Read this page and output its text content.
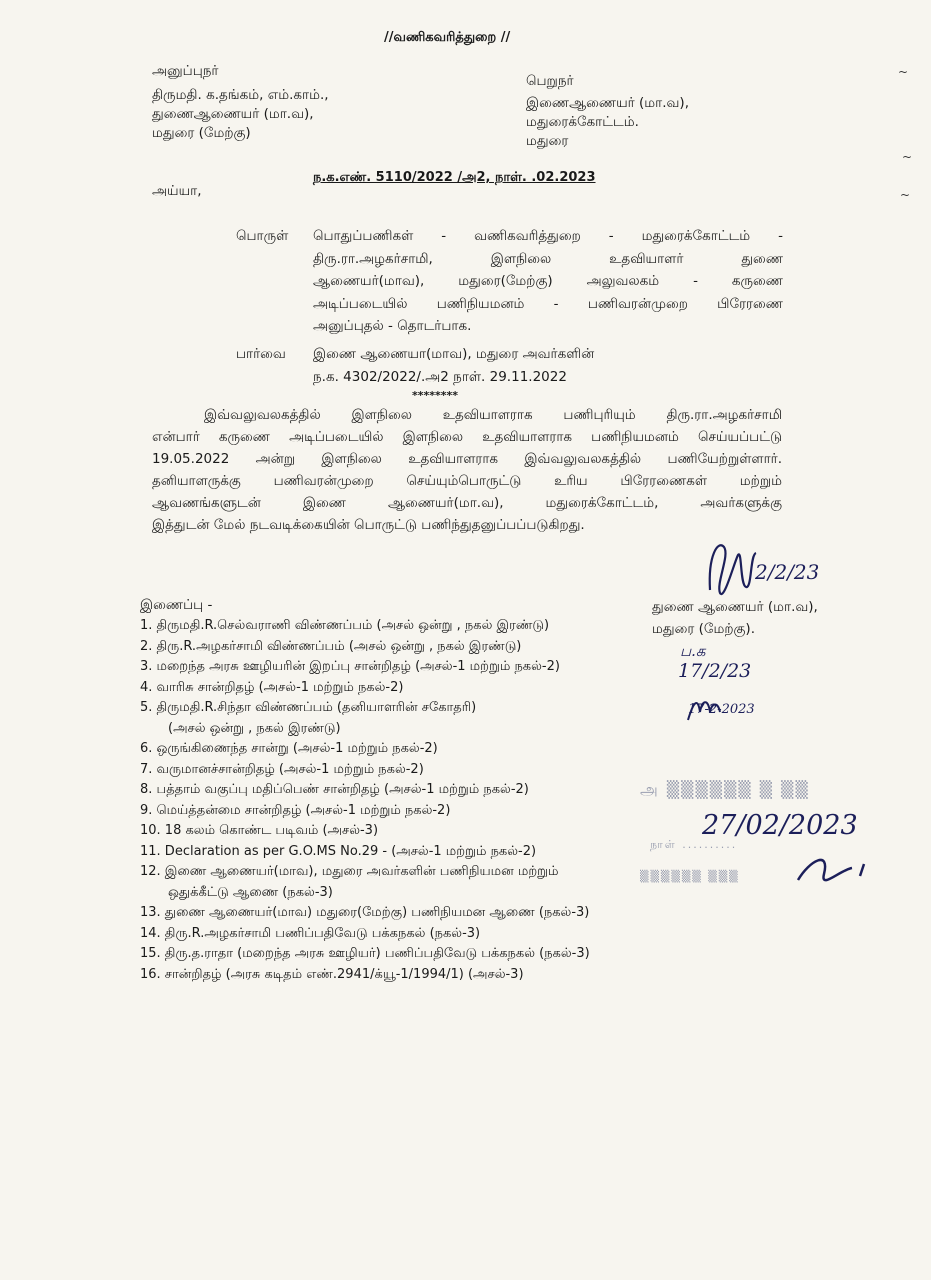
//வணிகவரித்துறை //
அனுப்புநர்
திருமதி. க.தங்கம், எம்.காம்.,
துணைஆணையர் (மா.வ),
மதுரை (மேற்கு)
பெறுநர்
இணைஆணையர் (மா.வ),
மதுரைக்கோட்டம்.
மதுரை
ந.க.எண். 5110/2022 /அ2, நாள். .02.2023
அய்யா,
பொருள் பொதுப்பணிகள் - வணிகவரித்துறை - மதுரைக்கோட்டம் -
திரு.ரா.அழகர்சாமி, இளநிலை உதவியாளர் துணை
ஆணையர்(மாவ), மதுரை(மேற்கு) அலுவலகம் - கருணை
அடிப்படையில் பணிநியமனம் - பணிவரன்முறை பிரேரணை
அனுப்புதல் - தொடர்பாக.
பார்வை இணை ஆணையா(மாவ), மதுரை அவர்களின்
ந.க. 4302/2022/.அ2 நாள். 29.11.2022
********
இவ்வலுவலகத்தில் இளநிலை உதவியாளராக பணிபுரியும் திரு.ரா.அழகர்சாமி
என்பார் கருணை அடிப்படையில் இளநிலை உதவியாளராக பணிநியமனம் செய்யப்பட்டு
19.05.2022 அன்று இளநிலை உதவியாளராக இவ்வலுவலகத்தில் பணியேற்றுள்ளார்.
தனியாளருக்கு பணிவரன்முறை செய்யும்பொருட்டு உரிய பிரேரணைகள் மற்றும்
ஆவணங்களுடன் இணை ஆணையர்(மா.வ), மதுரைக்கோட்டம், அவர்களுக்கு
இத்துடன் மேல் நடவடிக்கையின் பொருட்டு பணிந்துதனுப்பப்படுகிறது.
2/2/23
துணை ஆணையர் (மா.வ),
மதுரை (மேற்கு).
ப.க
17/2/23
17-2-2023
அ ▒▒▒▒▒▒ ▒ ▒▒
நாள் ..........
27/02/2023
▒▒▒▒▒▒ ▒▒▒
இணைப்பு -
1. திருமதி.R.செல்வராணி விண்ணப்பம் (அசல் ஒன்று , நகல் இரண்டு)
2. திரு.R.அழகர்சாமி விண்ணப்பம் (அசல் ஒன்று , நகல் இரண்டு)
3. மறைந்த அரசு ஊழியரின் இறப்பு சான்றிதழ் (அசல்-1 மற்றும் நகல்-2)
4. வாரிசு சான்றிதழ் (அசல்-1 மற்றும் நகல்-2)
5. திருமதி.R.சிந்தா விண்ணப்பம் (தனியாளரின் சகோதரி)
(அசல் ஒன்று , நகல் இரண்டு)
6. ஒருங்கிணைந்த சான்று (அசல்-1 மற்றும் நகல்-2)
7. வருமானச்சான்றிதழ் (அசல்-1 மற்றும் நகல்-2)
8. பத்தாம் வகுப்பு மதிப்பெண் சான்றிதழ் (அசல்-1 மற்றும் நகல்-2)
9. மெய்த்தன்மை சான்றிதழ் (அசல்-1 மற்றும் நகல்-2)
10. 18 கலம் கொண்ட படிவம் (அசல்-3)
11. Declaration as per G.O.MS No.29 - (அசல்-1 மற்றும் நகல்-2)
12. இணை ஆணையர்(மாவ), மதுரை அவர்களின் பணிநியமன மற்றும்
ஒதுக்கீட்டு ஆணை (நகல்-3)
13. துணை ஆணையர்(மாவ) மதுரை(மேற்கு) பணிநியமன ஆணை (நகல்-3)
14. திரு.R.அழகர்சாமி பணிப்பதிவேடு பக்கநகல் (நகல்-3)
15. திரு.த.ராதா (மறைந்த அரசு ஊழியர்) பணிப்பதிவேடு பக்கநகல் (நகல்-3)
16. சான்றிதழ் (அரசு கடிதம் எண்.2941/க்யூ-1/1994/1) (அசல்-3)
~
~
~
